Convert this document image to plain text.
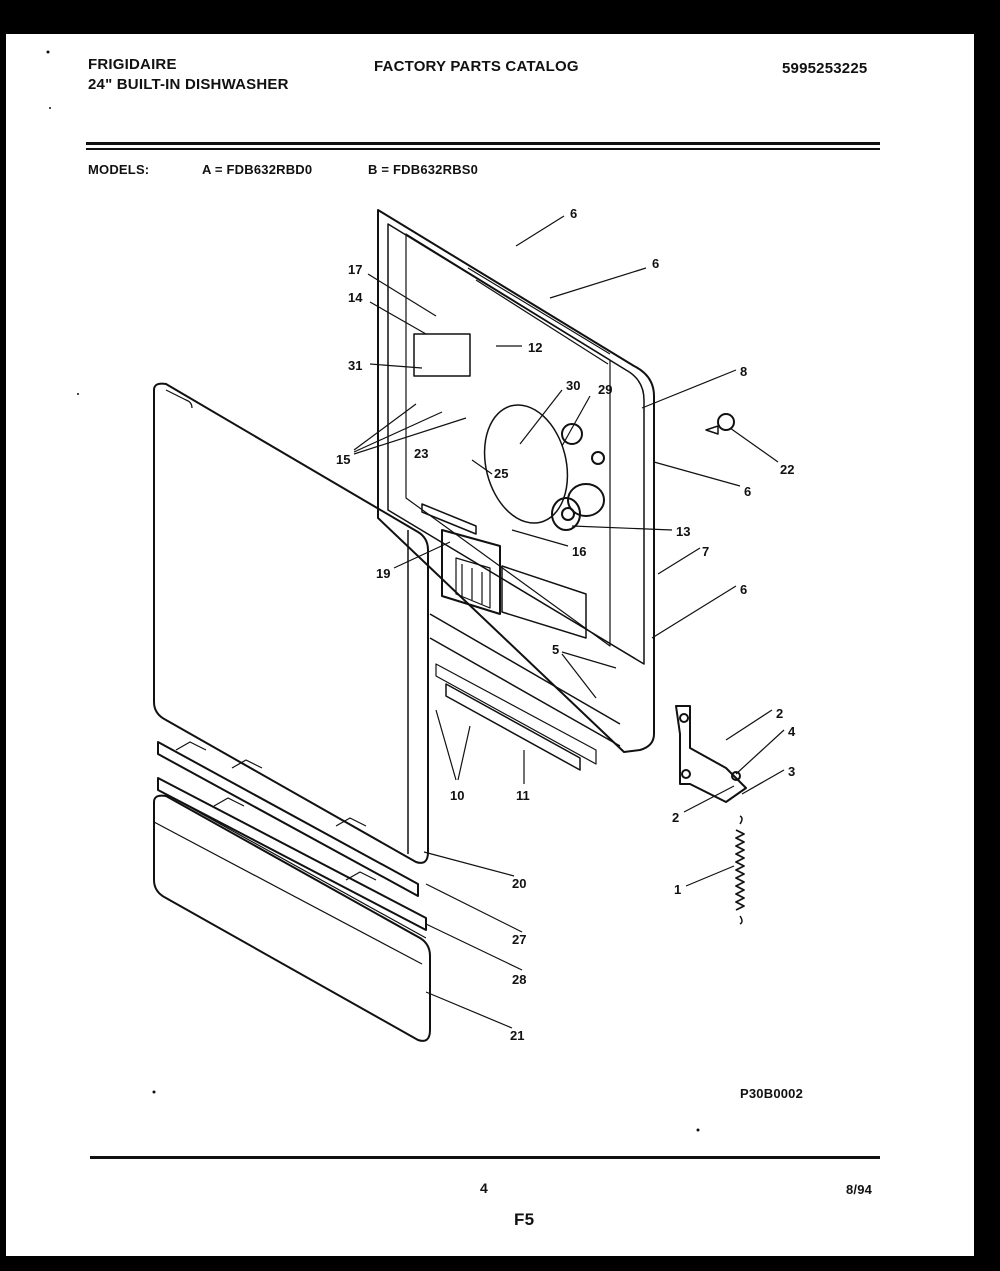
FRIGIDAIRE
24" BUILT-IN DISHWASHER
FACTORY PARTS CATALOG	5995253225
MODELS:	A = FDB632RBD0	B = FDB632RBS0
6
6
17
14
12
31	8
30 29
22
15	23
25
6
13
16	7
19
6
5
2
4
3
2
10	11
20	1
27
28
21
P30B0002
4	8/94
F5
